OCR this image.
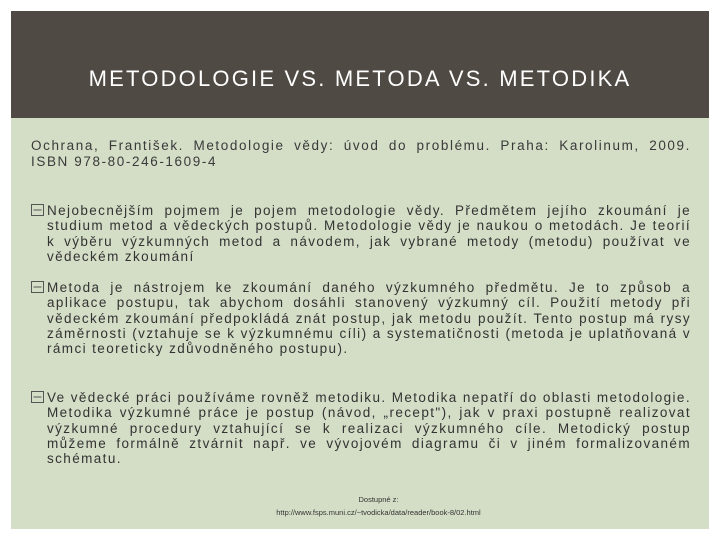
METODOLOGIE VS. METODA VS. METODIKA
Ochrana, František. Metodologie vědy: úvod do problému. Praha: Karolinum, 2009. ISBN 978-80-246-1609-4
Nejobecnějším pojmem je pojem metodologie vědy. Předmětem jejího zkoumání je studium metod a vědeckých postupů. Metodologie vědy je naukou o metodách. Je teorií k výběru výzkumných metod a návodem, jak vybrané metody (metodu) používat ve vědeckém zkoumání
Metoda je nástrojem ke zkoumání daného výzkumného předmětu. Je to způsob a aplikace postupu, tak abychom dosáhli stanovený výzkumný cíl. Použití metody při vědeckém zkoumání předpokládá znát postup, jak metodu použít. Tento postup má rysy záměrnosti (vztahuje se k výzkumnému cíli) a systematičnosti (metoda je uplatňovaná v rámci teoreticky zdůvodněného postupu).
Ve vědecké práci používáme rovněž metodiku. Metodika nepatří do oblasti metodologie. Metodika výzkumné práce je postup (návod, „recept"), jak v praxi postupně realizovat výzkumné procedury vztahující se k realizaci výzkumného cíle. Metodický postup můžeme formálně ztvárnit např. ve vývojovém diagramu či v jiném formalizovaném schématu.
Dostupné z:
http://www.fsps.muni.cz/~tvodicka/data/reader/book-8/02.html
